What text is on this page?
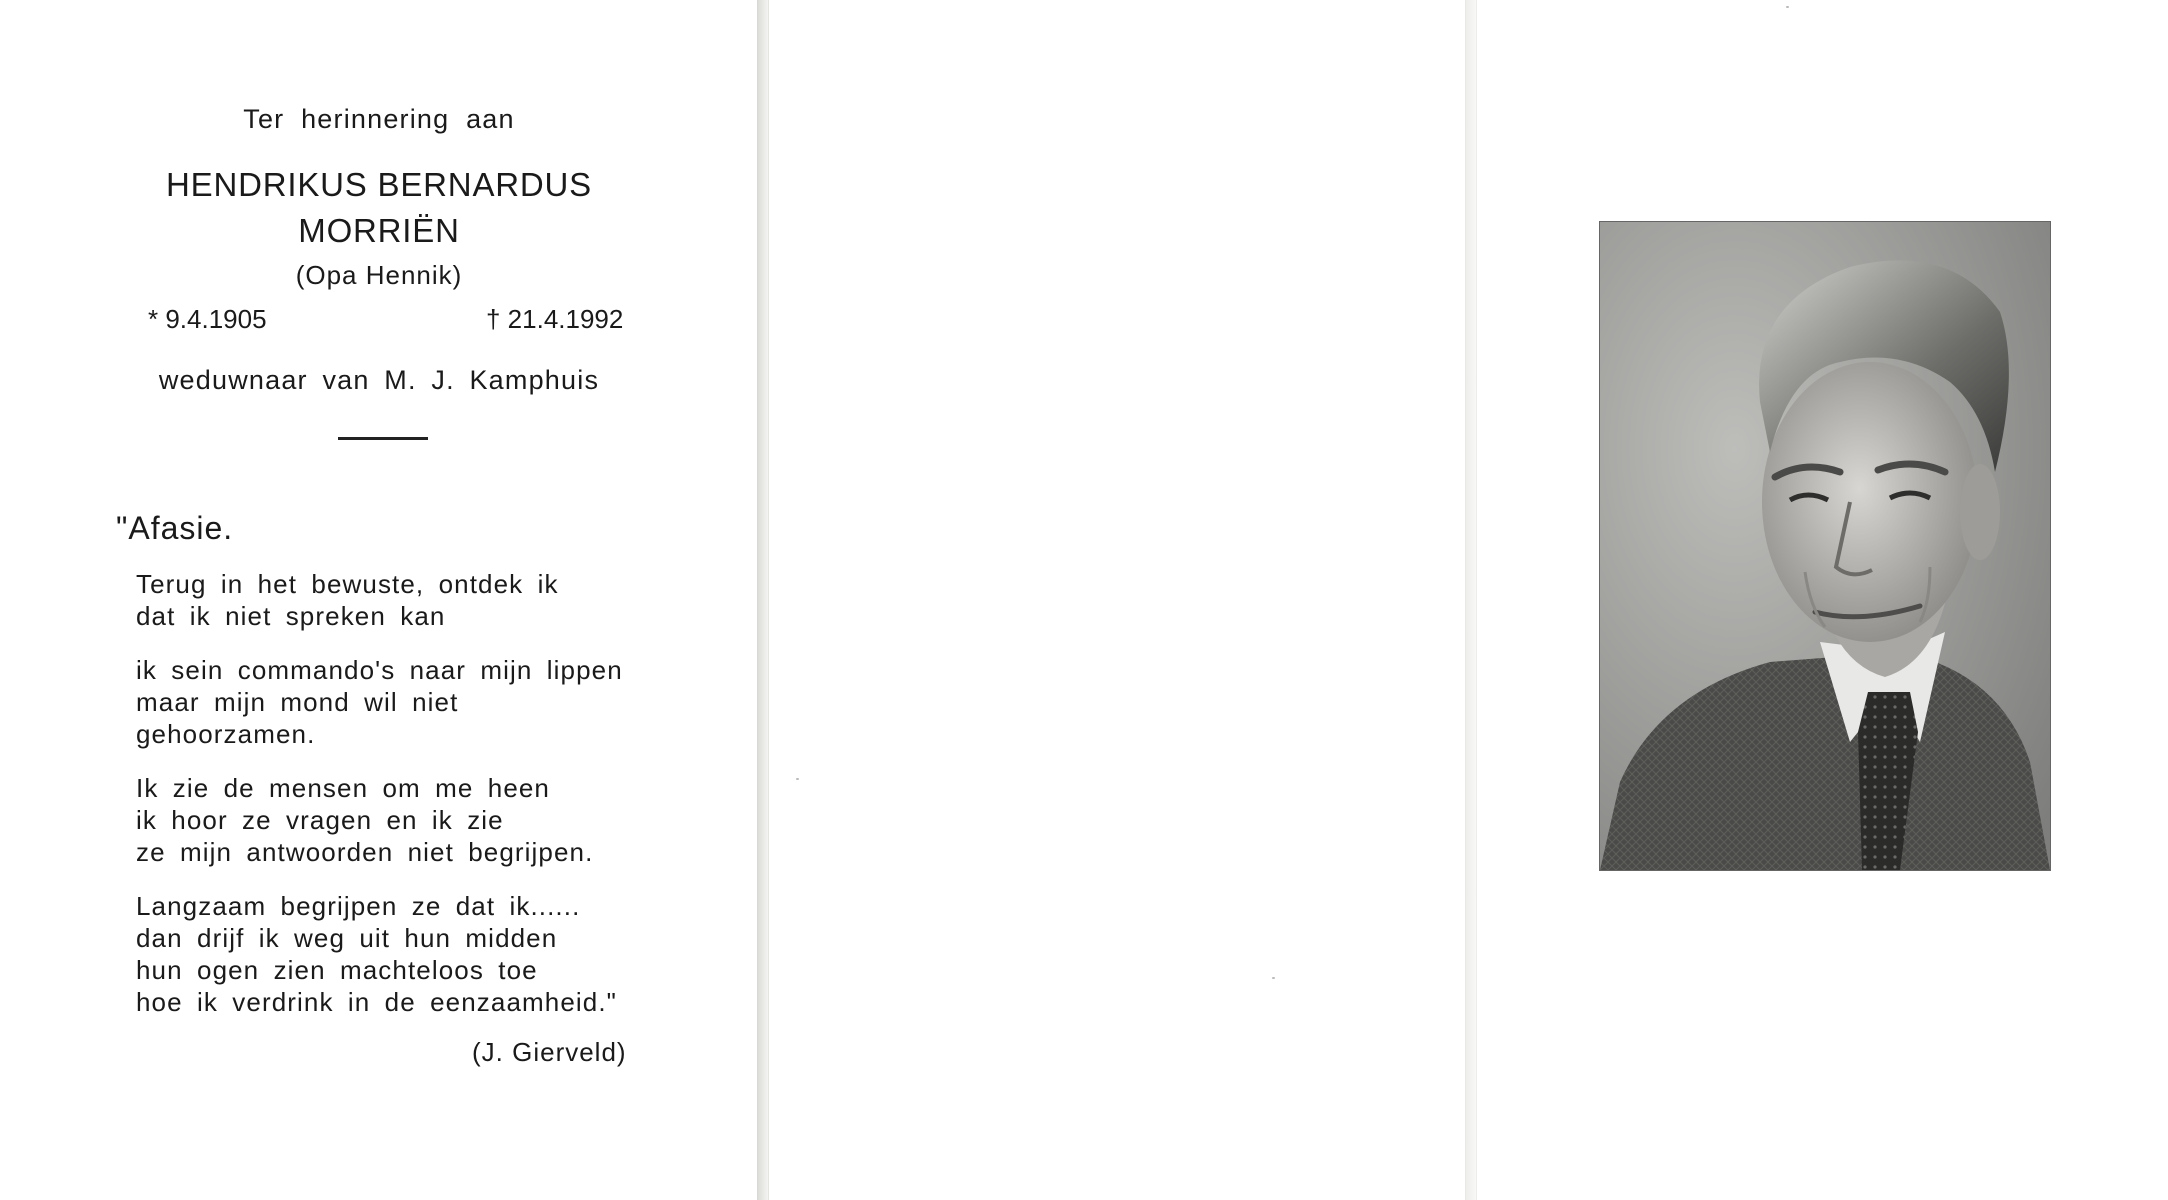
Ter herinnering aan
HENDRIKUS BERNARDUS
MORRIËN
(Opa Hennik)
* 9.4.1905	† 21.4.1992
weduwnaar van M. J. Kamphuis
"Afasie.
Terug in het bewuste, ontdek ik
dat ik niet spreken kan
ik sein commando's naar mijn lippen
maar mijn mond wil niet
gehoorzamen.
Ik zie de mensen om me heen
ik hoor ze vragen en ik zie
ze mijn antwoorden niet begrijpen.
Langzaam begrijpen ze dat ik......
dan drijf ik weg uit hun midden
hun ogen zien machteloos toe
hoe ik verdrink in de eenzaamheid."
(J. Gierveld)
